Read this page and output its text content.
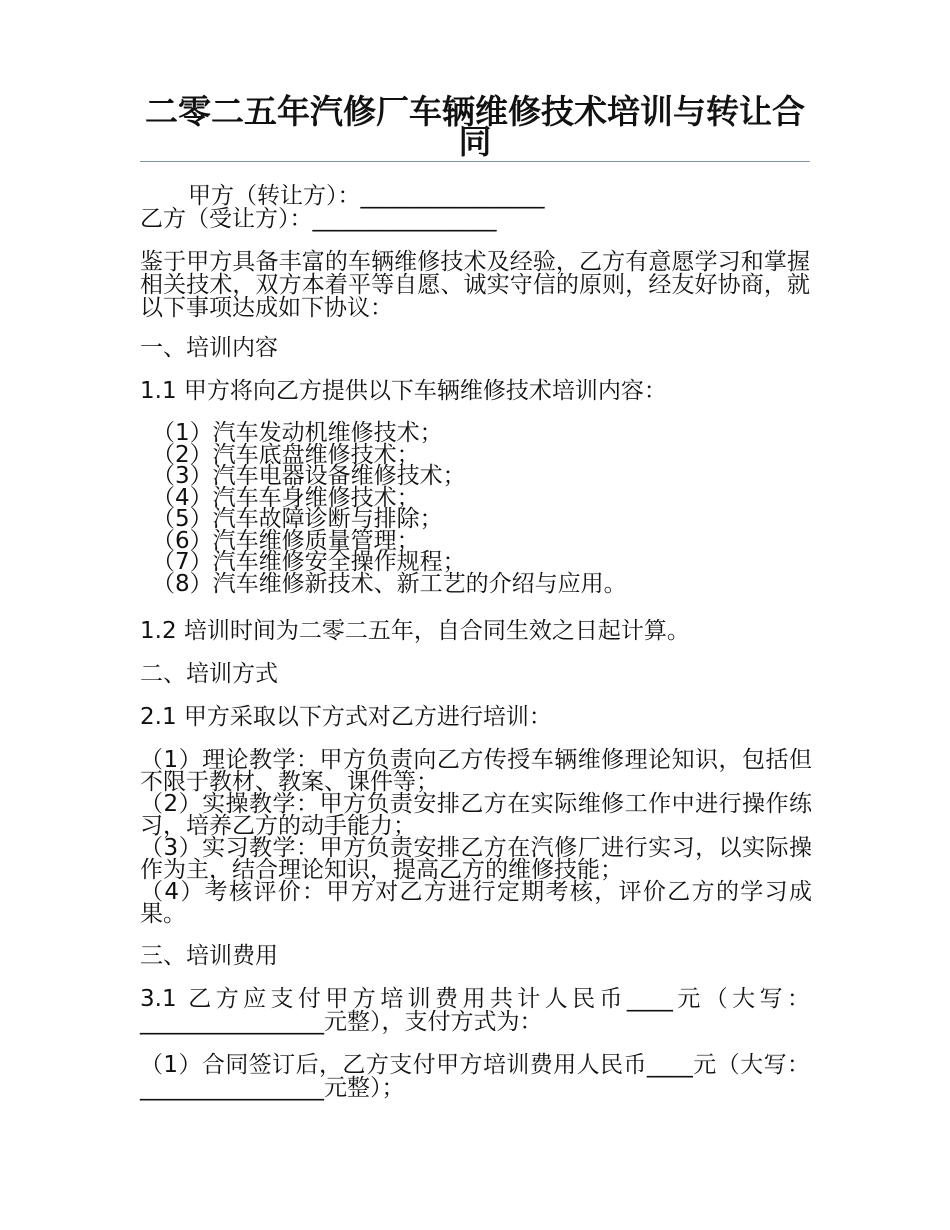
二零二五年汽修厂车辆维修技术培训与转让合同

甲方（转让方）：________________

乙方（受让方）：________________

鉴于甲方具备丰富的车辆维修技术及经验，乙方有意愿学习和掌握相关技术，双方本着平等自愿、诚实守信的原则，经友好协商，就以下事项达成如下协议：

一、培训内容

1.1 甲方将向乙方提供以下车辆维修技术培训内容：

（1）汽车发动机维修技术；
（2）汽车底盘维修技术；
（3）汽车电器设备维修技术；
（4）汽车车身维修技术；
（5）汽车故障诊断与排除；
（6）汽车维修质量管理；
（7）汽车维修安全操作规程；
（8）汽车维修新技术、新工艺的介绍与应用。

1.2 培训时间为二零二五年，自合同生效之日起计算。

二、培训方式

2.1 甲方采取以下方式对乙方进行培训：

（1）理论教学：甲方负责向乙方传授车辆维修理论知识，包括但不限于教材、教案、课件等；
（2）实操教学：甲方负责安排乙方在实际维修工作中进行操作练习，培养乙方的动手能力；
（3）实习教学：甲方负责安排乙方在汽修厂进行实习，以实际操作为主，结合理论知识，提高乙方的维修技能；
（4）考核评价：甲方对乙方进行定期考核，评价乙方的学习成果。

三、培训费用

3.1 乙方应支付甲方培训费用共计人民币____元（大写：________________元整），支付方式为：

（1）合同签订后，乙方支付甲方培训费用人民币____元（大写：________________元整）；
